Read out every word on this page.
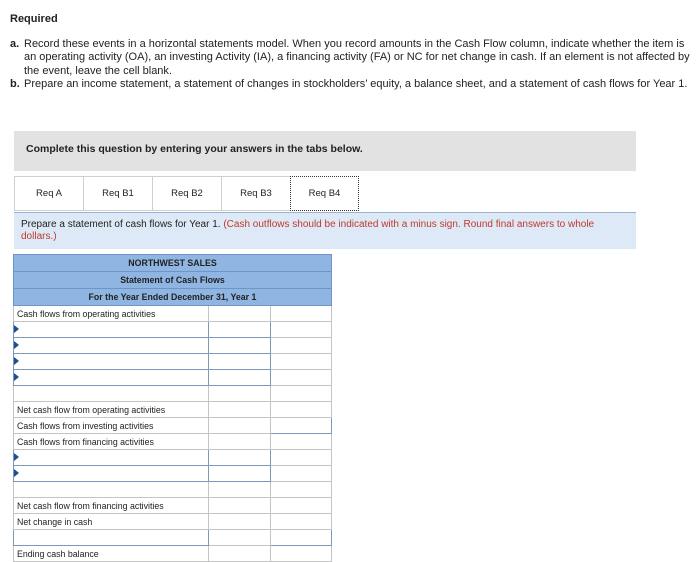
Required
a. Record these events in a horizontal statements model. When you record amounts in the Cash Flow column, indicate whether the item is an operating activity (OA), an investing Activity (IA), a financing activity (FA) or NC for net change in cash. If an element is not affected by the event, leave the cell blank.
b. Prepare an income statement, a statement of changes in stockholders’ equity, a balance sheet, and a statement of cash flows for Year 1.
Complete this question by entering your answers in the tabs below.
Req A	Req B1	Req B2	Req B3	Req B4
Prepare a statement of cash flows for Year 1. (Cash outflows should be indicated with a minus sign. Round final answers to whole dollars.)
NORTHWEST SALES		
Statement of Cash Flows		
For the Year Ended December 31, Year 1		
Cash flows from operating activities		

Net cash flow from operating activities		
Cash flows from investing activities		
Cash flows from financing activities		

Net cash flow from financing activities		
Net change in cash		

Ending cash balance		
